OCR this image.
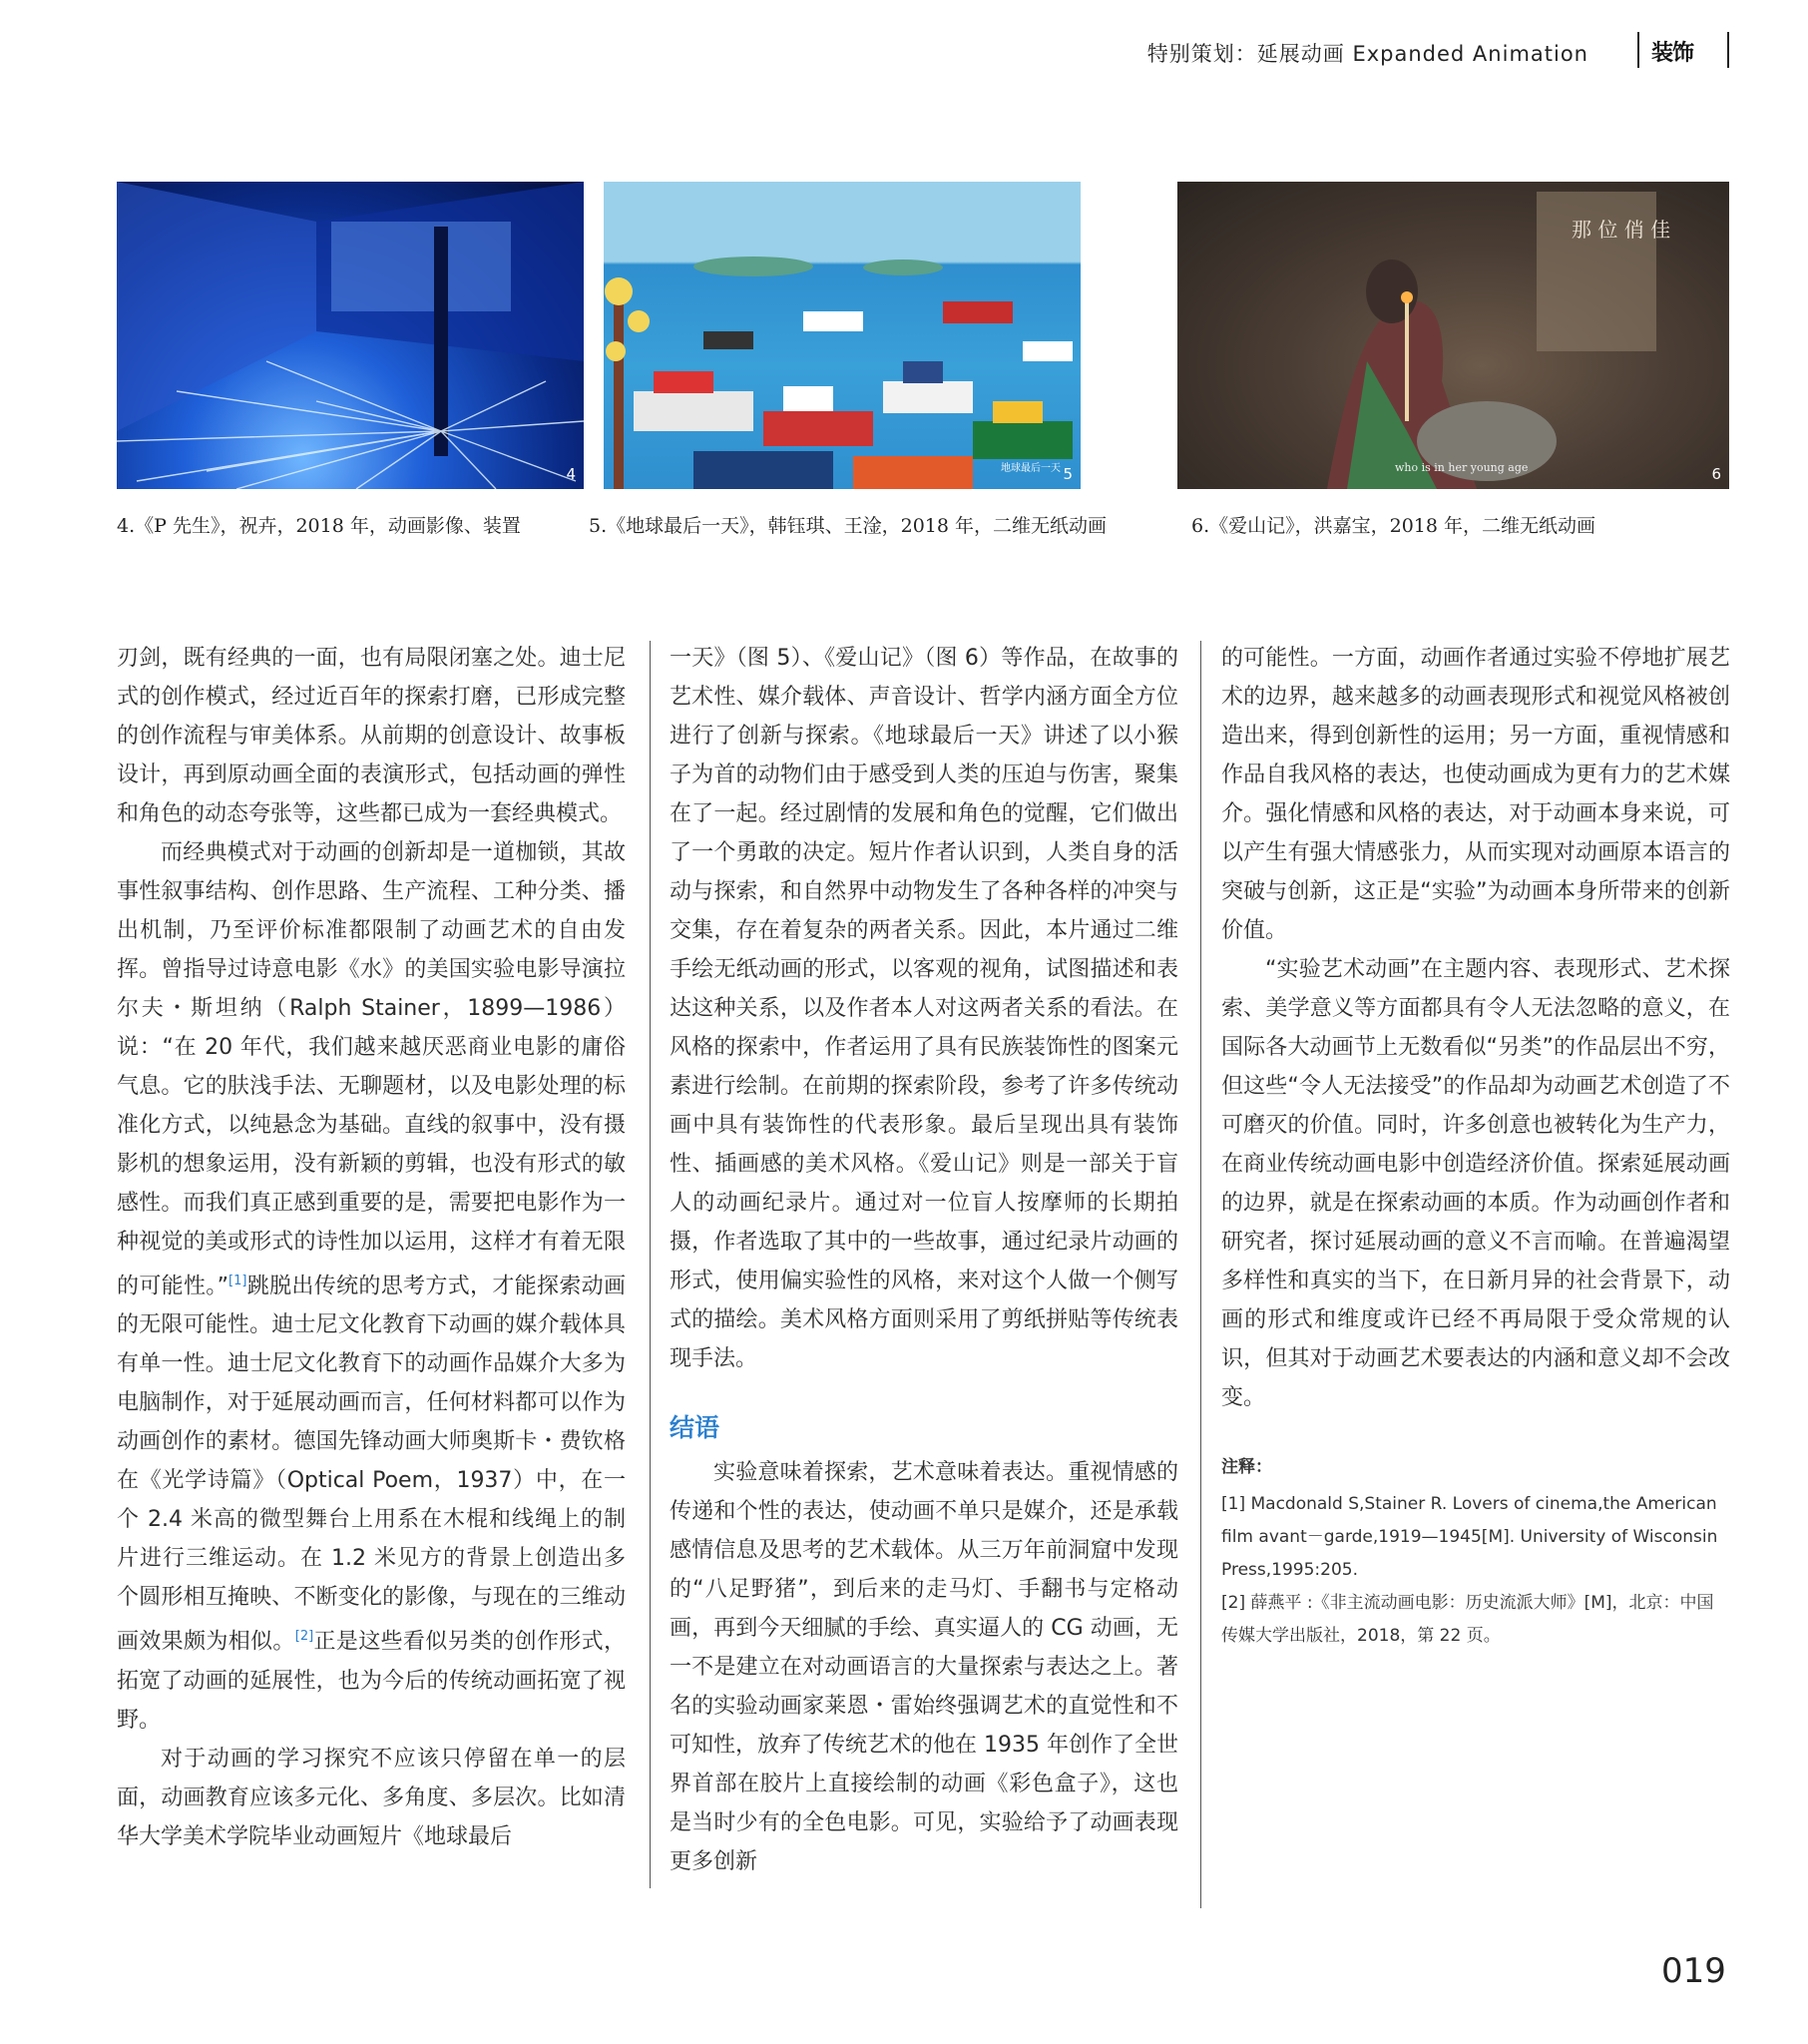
特别策划：延展动画 Expanded Animation	装饰
4	地球最后一天 5
那 位 俏 佳
who is in her young age	6
4.《P 先生》，祝卉，2018 年，动画影像、装置	5.《地球最后一天》，韩钰琪、王淦，2018 年，二维无纸动画	6.《爱山记》，洪嘉宝，2018 年，二维无纸动画

刃剑，既有经典的一面，也有局限闭塞之处。迪士尼式的创作模式，经过近百年的探索打磨，已形成完整的创作流程与审美体系。从前期的创意设计、故事板设计，再到原动画全面的表演形式，包括动画的弹性和角色的动态夸张等，这些都已成为一套经典模式。

而经典模式对于动画的创新却是一道枷锁，其故事性叙事结构、创作思路、生产流程、工种分类、播出机制，乃至评价标准都限制了动画艺术的自由发挥。曾指导过诗意电影《水》的美国实验电影导演拉尔夫・斯坦纳（Ralph Stainer，1899—1986）说：“在 20 年代，我们越来越厌恶商业电影的庸俗气息。它的肤浅手法、无聊题材，以及电影处理的标准化方式，以纯悬念为基础。直线的叙事中，没有摄影机的想象运用，没有新颖的剪辑，也没有形式的敏感性。而我们真正感到重要的是，需要把电影作为一种视觉的美或形式的诗性加以运用，这样才有着无限的可能性。”[1]跳脱出传统的思考方式，才能探索动画的无限可能性。迪士尼文化教育下动画的媒介载体具有单一性。迪士尼文化教育下的动画作品媒介大多为电脑制作，对于延展动画而言，任何材料都可以作为动画创作的素材。德国先锋动画大师奥斯卡・费钦格在《光学诗篇》（Optical Poem，1937）中，在一个 2.4 米高的微型舞台上用系在木棍和线绳上的制片进行三维运动。在 1.2 米见方的背景上创造出多个圆形相互掩映、不断变化的影像，与现在的三维动画效果颇为相似。[2]正是这些看似另类的创作形式，拓宽了动画的延展性，也为今后的传统动画拓宽了视野。

对于动画的学习探究不应该只停留在单一的层面，动画教育应该多元化、多角度、多层次。比如清华大学美术学院毕业动画短片《地球最后

一天》（图 5）、《爱山记》（图 6）等作品，在故事的艺术性、媒介载体、声音设计、哲学内涵方面全方位进行了创新与探索。《地球最后一天》讲述了以小猴子为首的动物们由于感受到人类的压迫与伤害，聚集在了一起。经过剧情的发展和角色的觉醒，它们做出了一个勇敢的决定。短片作者认识到，人类自身的活动与探索，和自然界中动物发生了各种各样的冲突与交集，存在着复杂的两者关系。因此，本片通过二维手绘无纸动画的形式，以客观的视角，试图描述和表达这种关系，以及作者本人对这两者关系的看法。在风格的探索中，作者运用了具有民族装饰性的图案元素进行绘制。在前期的探索阶段，参考了许多传统动画中具有装饰性的代表形象。最后呈现出具有装饰性、插画感的美术风格。《爱山记》则是一部关于盲人的动画纪录片。通过对一位盲人按摩师的长期拍摄，作者选取了其中的一些故事，通过纪录片动画的形式，使用偏实验性的风格，来对这个人做一个侧写式的描绘。美术风格方面则采用了剪纸拼贴等传统表现手法。

结语

实验意味着探索，艺术意味着表达。重视情感的传递和个性的表达，使动画不单只是媒介，还是承载感情信息及思考的艺术载体。从三万年前洞窟中发现的“八足野猪”，到后来的走马灯、手翻书与定格动画，再到今天细腻的手绘、真实逼人的 CG 动画，无一不是建立在对动画语言的大量探索与表达之上。著名的实验动画家莱恩・雷始终强调艺术的直觉性和不可知性，放弃了传统艺术的他在 1935 年创作了全世界首部在胶片上直接绘制的动画《彩色盒子》，这也是当时少有的全色电影。可见，实验给予了动画表现更多创新

的可能性。一方面，动画作者通过实验不停地扩展艺术的边界，越来越多的动画表现形式和视觉风格被创造出来，得到创新性的运用；另一方面，重视情感和作品自我风格的表达，也使动画成为更有力的艺术媒介。强化情感和风格的表达，对于动画本身来说，可以产生有强大情感张力，从而实现对动画原本语言的突破与创新，这正是“实验”为动画本身所带来的创新价值。

“实验艺术动画”在主题内容、表现形式、艺术探索、美学意义等方面都具有令人无法忽略的意义，在国际各大动画节上无数看似“另类”的作品层出不穷，但这些“令人无法接受”的作品却为动画艺术创造了不可磨灭的价值。同时，许多创意也被转化为生产力，在商业传统动画电影中创造经济价值。探索延展动画的边界，就是在探索动画的本质。作为动画创作者和研究者，探讨延展动画的意义不言而喻。在普遍渴望多样性和真实的当下，在日新月异的社会背景下，动画的形式和维度或许已经不再局限于受众常规的认识，但其对于动画艺术要表达的内涵和意义却不会改变。

注释：
[1] Macdonald S,Stainer R. Lovers of cinema,the American film avant－garde,1919—1945[M]. University of Wisconsin Press,1995:205.
[2] 薛燕平 :《非主流动画电影：历史流派大师》[M]，北京：中国传媒大学出版社，2018，第 22 页。
019
